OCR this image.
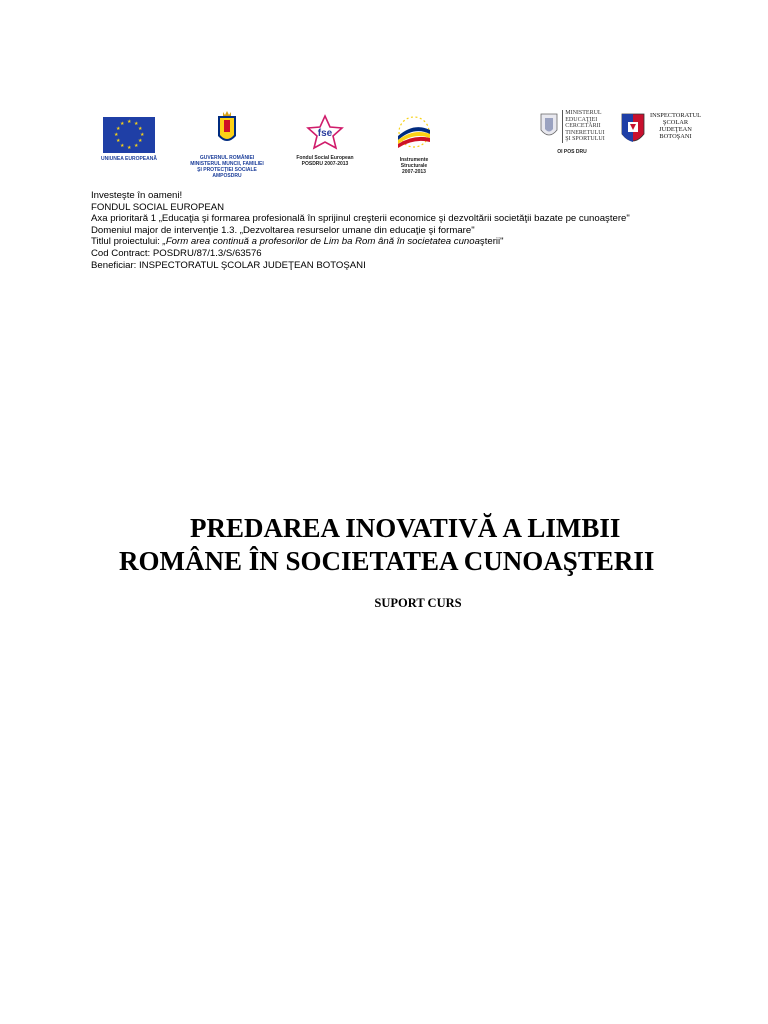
★ ★
★
★
★
★
★
★
★
★
★
★
UNIUNEA EUROPEANĂ	GUVERNUL ROMÂNIEI
MINISTERUL MUNCII, FAMILIEI
ŞI PROTECŢIEI SOCIALE
AMPOSDRU
fse
Fondul Social European
POSDRU 2007-2013
Instrumente Structurale
2007-2013
MINISTERUL
EDUCAŢIEI
CERCETĂRII
TINERETULUI
ŞI SPORTULUI
OI POS DRU
INSPECTORATUL
ŞCOLAR
JUDEŢEAN
BOTOŞANI
Investeşte în oameni!
FONDUL SOCIAL EUROPEAN
Axa prioritară 1 „Educaţia şi formarea profesională în sprijinul creşterii economice şi dezvoltării societăţii bazate pe cunoaştere"
Domeniul major de intervenţie 1.3. „Dezvoltarea resurselor umane din educaţie şi formare"
Titlul proiectului: „Form area continuă a profesorilor de Lim ba Rom ână în societatea cunoaşterii"
Cod Contract: POSDRU/87/1.3/S/63576
Beneficiar: INSPECTORATUL ŞCOLAR JUDEŢEAN BOTOŞANI
PREDAREA INOVATIVĂ A LIMBII
ROMÂNE ÎN SOCIETATEA CUNOAŞTERII
SUPORT CURS
